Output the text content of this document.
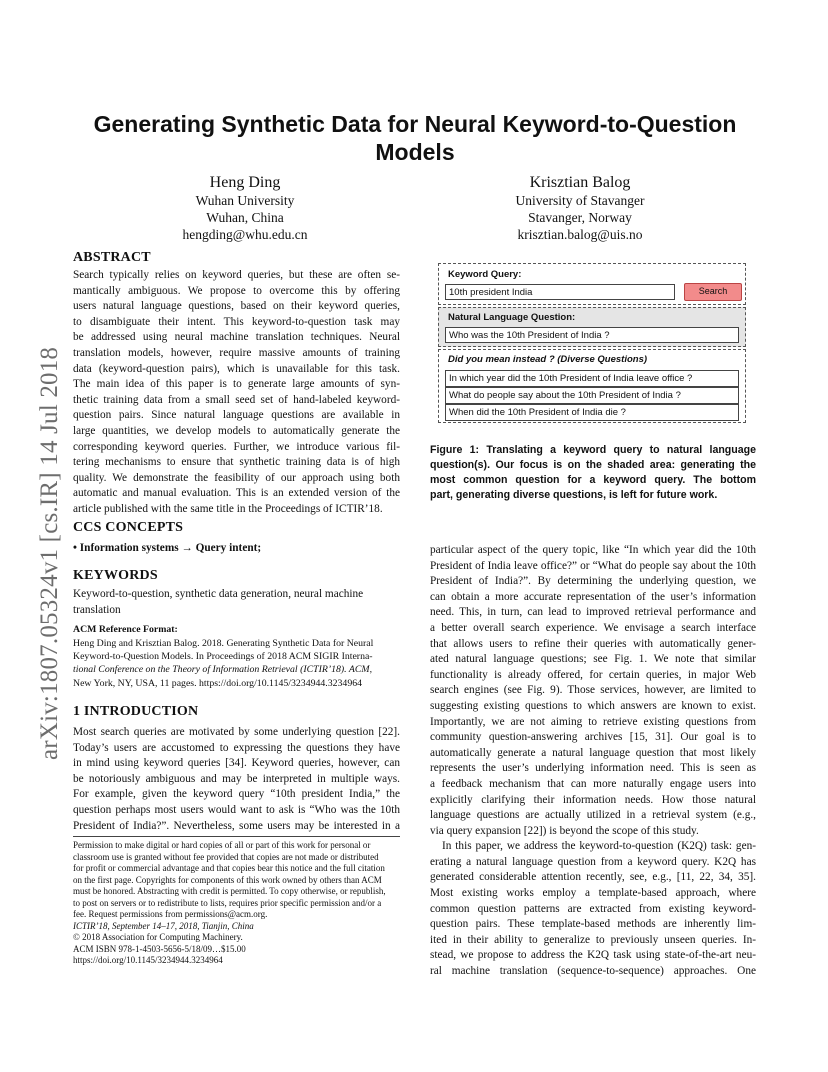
arXiv:1807.05324v1 [cs.IR] 14 Jul 2018
Generating Synthetic Data for Neural Keyword-to-Question
Models
Heng Ding
Wuhan University
Wuhan, China
hengding@whu.edu.cn
Krisztian Balog
University of Stavanger
Stavanger, Norway
krisztian.balog@uis.no
ABSTRACT
Search typically relies on keyword queries, but these are often se-
mantically ambiguous. We propose to overcome this by offering
users natural language questions, based on their keyword queries,
to disambiguate their intent. This keyword-to-question task may
be addressed using neural machine translation techniques. Neural
translation models, however, require massive amounts of training
data (keyword-question pairs), which is unavailable for this task.
The main idea of this paper is to generate large amounts of syn-
thetic training data from a small seed set of hand-labeled keyword-
question pairs. Since natural language questions are available in
large quantities, we develop models to automatically generate the
corresponding keyword queries. Further, we introduce various fil-
tering mechanisms to ensure that synthetic training data is of high
quality. We demonstrate the feasibility of our approach using both
automatic and manual evaluation. This is an extended version of the
article published with the same title in the Proceedings of ICTIR’18.
CCS CONCEPTS
• Information systems → Query intent;
KEYWORDS
Keyword-to-question, synthetic data generation, neural machine
translation
ACM Reference Format:
Heng Ding and Krisztian Balog. 2018. Generating Synthetic Data for Neural
Keyword-to-Question Models. In Proceedings of 2018 ACM SIGIR Interna-
tional Conference on the Theory of Information Retrieval (ICTIR’18). ACM,
New York, NY, USA, 11 pages. https://doi.org/10.1145/3234944.3234964
1 INTRODUCTION
Most search queries are motivated by some underlying question [22].
Today’s users are accustomed to expressing the questions they have
in mind using keyword queries [34]. Keyword queries, however, can
be notoriously ambiguous and may be interpreted in multiple ways.
For example, given the keyword query “10th president India,” the
question perhaps most users would want to ask is “Who was the 10th
President of India?”. Nevertheless, some users may be interested in a
Permission to make digital or hard copies of all or part of this work for personal or
classroom use is granted without fee provided that copies are not made or distributed
for profit or commercial advantage and that copies bear this notice and the full citation
on the first page. Copyrights for components of this work owned by others than ACM
must be honored. Abstracting with credit is permitted. To copy otherwise, or republish,
to post on servers or to redistribute to lists, requires prior specific permission and/or a
fee. Request permissions from permissions@acm.org.
ICTIR’18, September 14–17, 2018, Tianjin, China
© 2018 Association for Computing Machinery.
ACM ISBN 978-1-4503-5656-5/18/09…$15.00
https://doi.org/10.1145/3234944.3234964
Keyword Query:
10th president India	Search
Natural Language Question:
Who was the 10th President of India ?
Did you mean instead ? (Diverse Questions)
In which year did the 10th President of India leave office ?
What do people say about the 10th President of India ?
When did the 10th President of India die ?
Figure 1: Translating a keyword query to natural language
question(s). Our focus is on the shaded area: generating the
most common question for a keyword query. The bottom
part, generating diverse questions, is left for future work.
particular aspect of the query topic, like “In which year did the 10th
President of India leave office?” or “What do people say about the 10th
President of India?”. By determining the underlying question, we
can obtain a more accurate representation of the user’s information
need. This, in turn, can lead to improved retrieval performance and
a better overall search experience. We envisage a search interface
that allows users to refine their queries with automatically gener-
ated natural language questions; see Fig. 1. We note that similar
functionality is already offered, for certain queries, in major Web
search engines (see Fig. 9). Those services, however, are limited to
suggesting existing questions to which answers are known to exist.
Importantly, we are not aiming to retrieve existing questions from
community question-answering archives [15, 31]. Our goal is to
automatically generate a natural language question that most likely
represents the user’s underlying information need. This is seen as
a feedback mechanism that can more naturally engage users into
explicitly clarifying their information needs. How those natural
language questions are actually utilized in a retrieval system (e.g.,
via query expansion [22]) is beyond the scope of this study.
In this paper, we address the keyword-to-question (K2Q) task: gen-
erating a natural language question from a keyword query. K2Q has
generated considerable attention recently, see, e.g., [11, 22, 34, 35].
Most existing works employ a template-based approach, where
common question patterns are extracted from existing keyword-
question pairs. These template-based methods are inherently lim-
ited in their ability to generalize to previously unseen queries. In-
stead, we propose to address the K2Q task using state-of-the-art neu-
ral machine translation (sequence-to-sequence) approaches. One
